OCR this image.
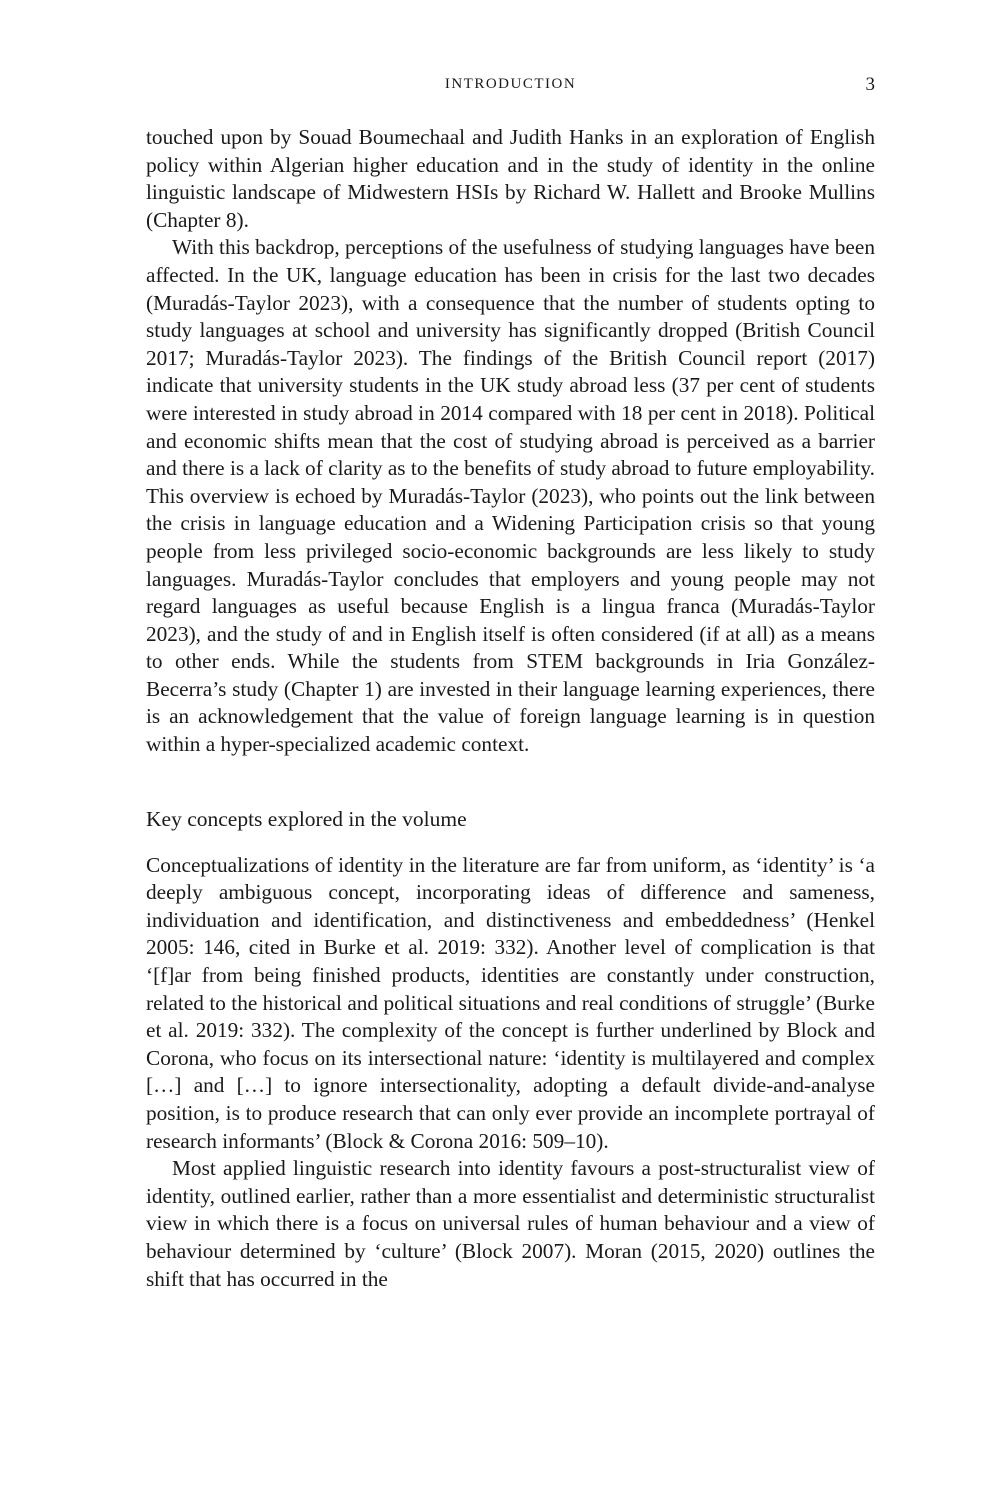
INTRODUCTION	3

touched upon by Souad Boumechaal and Judith Hanks in an exploration of English policy within Algerian higher education and in the study of identity in the online linguistic landscape of Midwestern HSIs by Richard W. Hallett and Brooke Mullins (Chapter 8).

With this backdrop, perceptions of the usefulness of studying languages have been affected. In the UK, language education has been in crisis for the last two decades (Muradás-Taylor 2023), with a consequence that the number of students opting to study languages at school and university has significantly dropped (British Council 2017; Muradás-Taylor 2023). The findings of the British Council report (2017) indicate that university students in the UK study abroad less (37 per cent of students were interested in study abroad in 2014 compared with 18 per cent in 2018). Political and economic shifts mean that the cost of studying abroad is perceived as a barrier and there is a lack of clarity as to the benefits of study abroad to future employability. This overview is echoed by Muradás-Taylor (2023), who points out the link between the crisis in language education and a Widening Participation crisis so that young people from less privileged socio-economic backgrounds are less likely to study languages. Muradás-Taylor concludes that employers and young people may not regard languages as useful because English is a lingua franca (Muradás-Taylor 2023), and the study of and in English itself is often considered (if at all) as a means to other ends. While the students from STEM backgrounds in Iria González-Becerra’s study (Chapter 1) are invested in their language learning experiences, there is an acknowledgement that the value of foreign language learning is in question within a hyper-specialized academic context.

Key concepts explored in the volume

Conceptualizations of identity in the literature are far from uniform, as ‘identity’ is ‘a deeply ambiguous concept, incorporating ideas of difference and sameness, individuation and identification, and distinctiveness and embeddedness’ (Henkel 2005: 146, cited in Burke et al. 2019: 332). Another level of complication is that ‘[f]ar from being finished products, identities are constantly under construction, related to the historical and political situations and real conditions of struggle’ (Burke et al. 2019: 332). The complexity of the concept is further underlined by Block and Corona, who focus on its intersectional nature: ‘identity is multilayered and complex […] and […] to ignore intersectionality, adopting a default divide-and-analyse position, is to produce research that can only ever provide an incomplete portrayal of research informants’ (Block & Corona 2016: 509–10).

Most applied linguistic research into identity favours a post-structuralist view of identity, outlined earlier, rather than a more essentialist and deterministic structuralist view in which there is a focus on universal rules of human behaviour and a view of behaviour determined by ‘culture’ (Block 2007). Moran (2015, 2020) outlines the shift that has occurred in the
